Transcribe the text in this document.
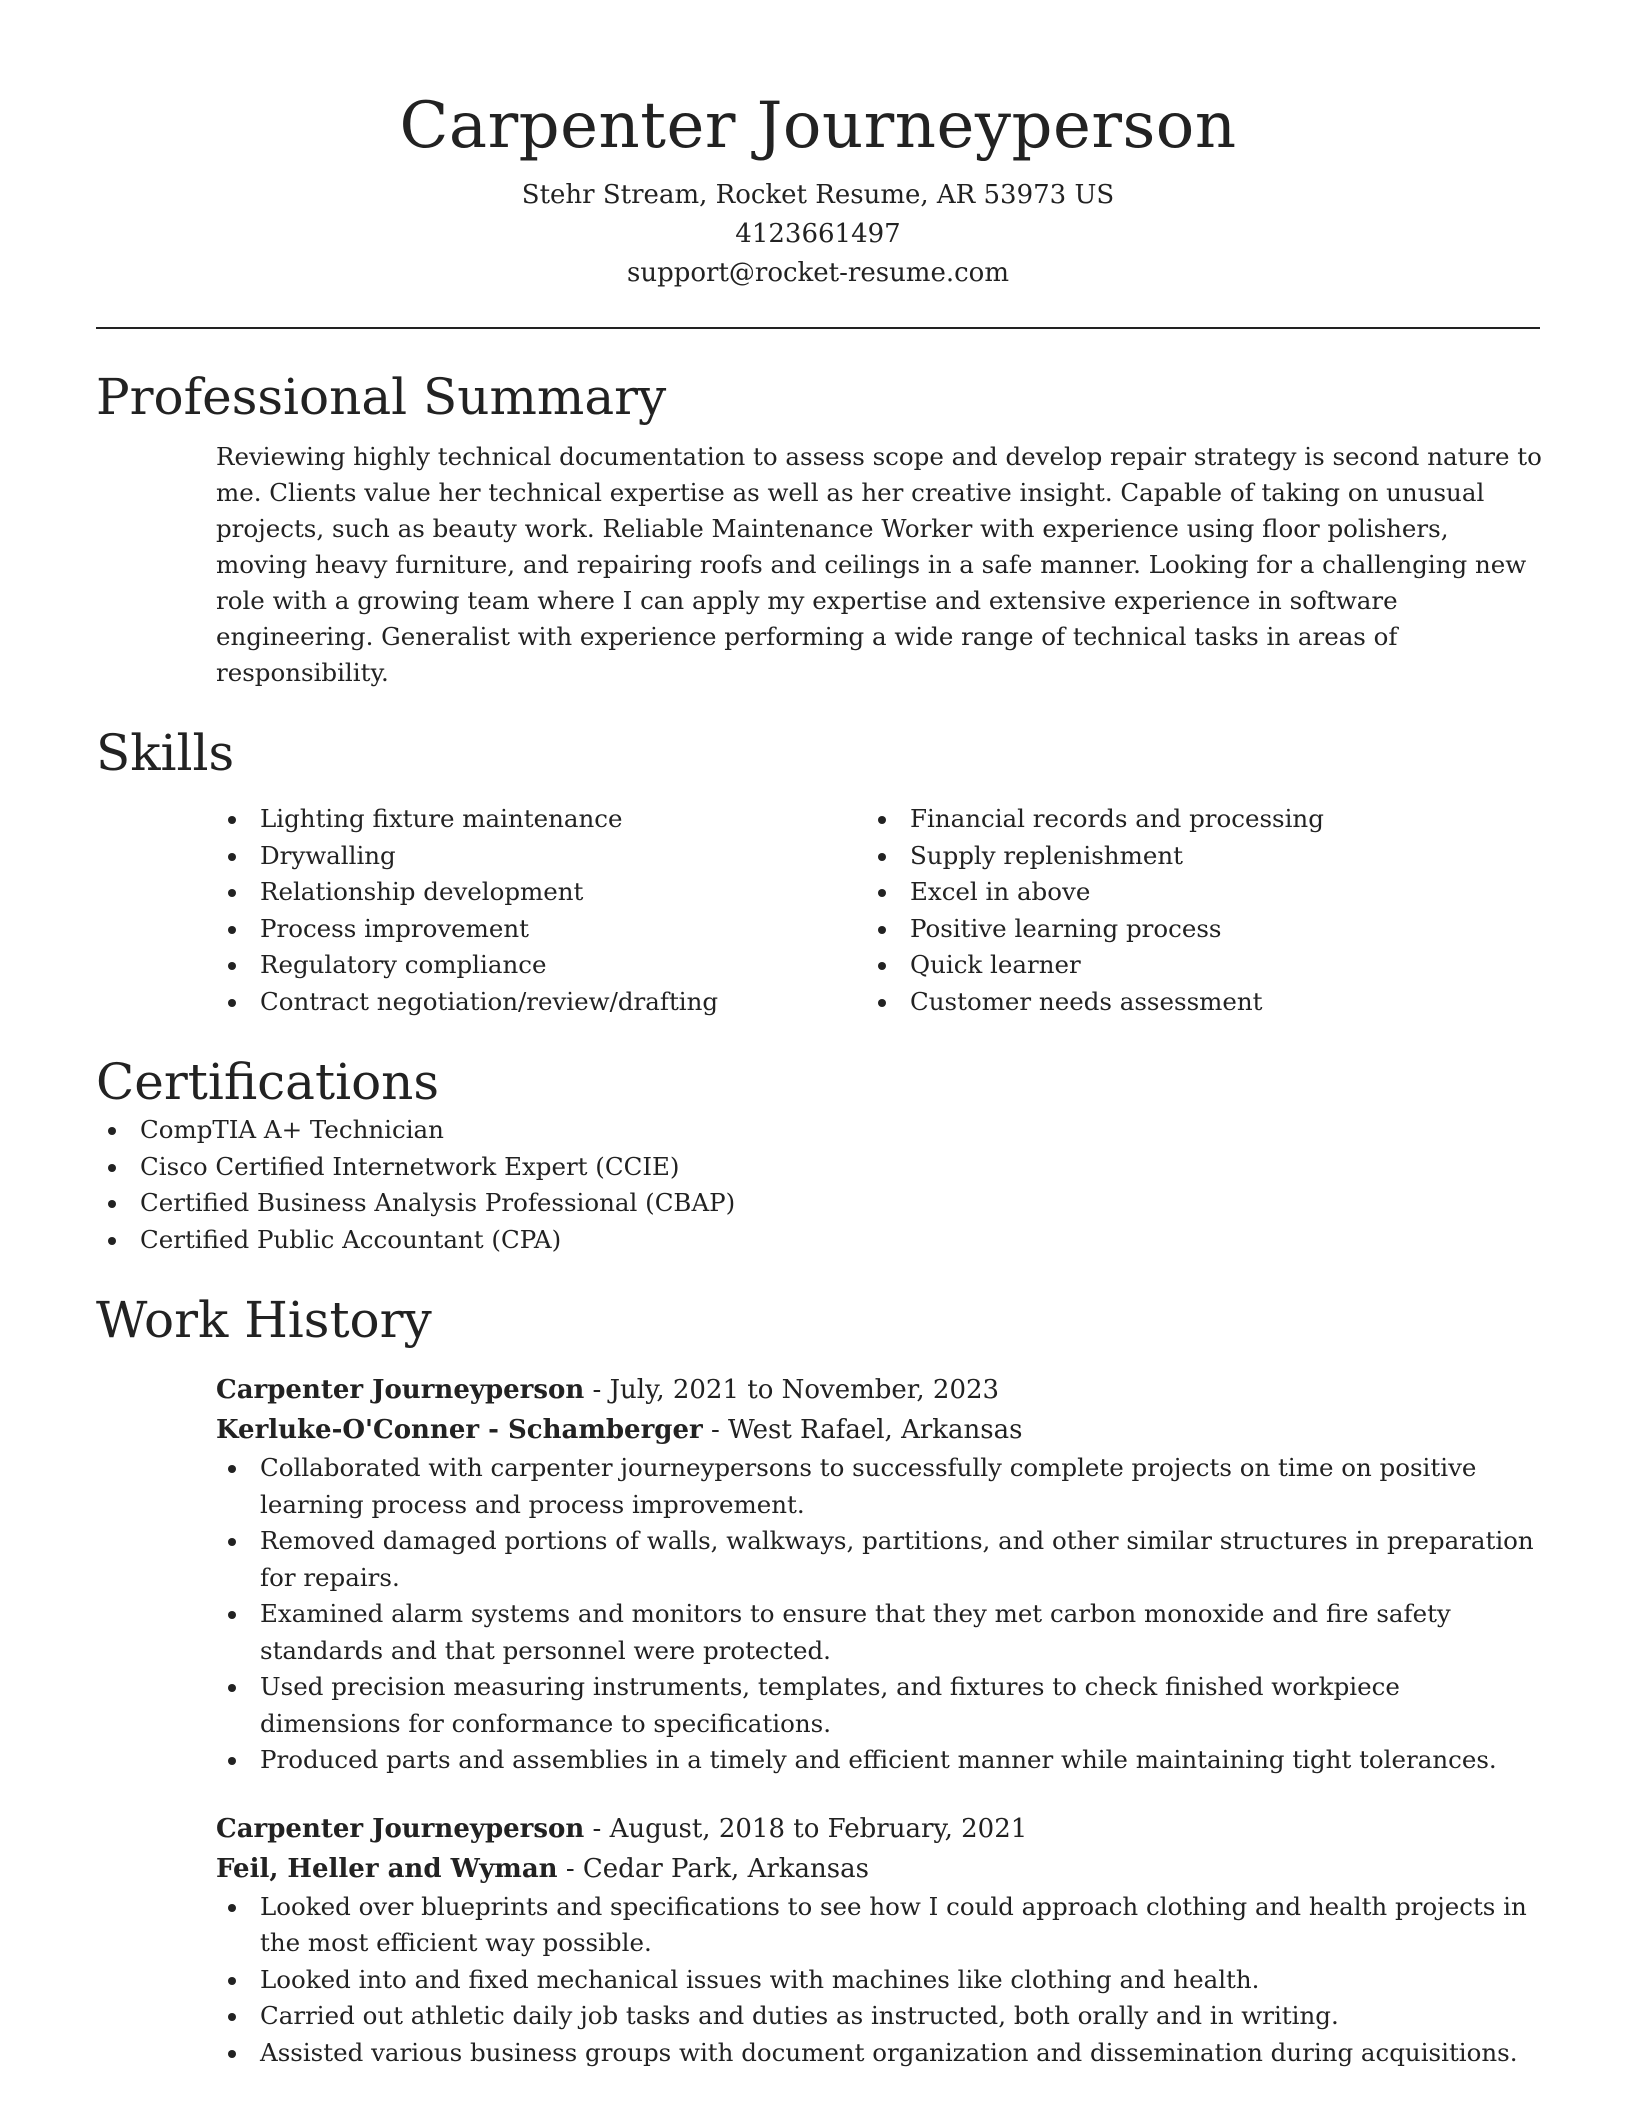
Carpenter Journeyperson

Stehr Stream, Rocket Resume, AR 53973 US

4123661497

support@rocket-resume.com

Professional Summary

Reviewing highly technical documentation to assess scope and develop repair strategy is second nature to me. Clients value her technical expertise as well as her creative insight. Capable of taking on unusual projects, such as beauty work. Reliable Maintenance Worker with experience using floor polishers, moving heavy furniture, and repairing roofs and ceilings in a safe manner. Looking for a challenging new role with a growing team where I can apply my expertise and extensive experience in software engineering. Generalist with experience performing a wide range of technical tasks in areas of responsibility.

Skills
Lighting fixture maintenance
Drywalling
Relationship development
Process improvement
Regulatory compliance
Contract negotiation/review/drafting
Financial records and processing
Supply replenishment
Excel in above
Positive learning process
Quick learner
Customer needs assessment
Certifications
CompTIA A+ Technician
Cisco Certified Internetwork Expert (CCIE)
Certified Business Analysis Professional (CBAP)
Certified Public Accountant (CPA)
Work History

Carpenter Journeyperson - July, 2021 to November, 2023

Kerluke-O'Conner - Schamberger - West Rafael, Arkansas

Collaborated with carpenter journeypersons to successfully complete projects on time on positive learning process and process improvement.
Removed damaged portions of walls, walkways, partitions, and other similar structures in preparation for repairs.
Examined alarm systems and monitors to ensure that they met carbon monoxide and fire safety standards and that personnel were protected.
Used precision measuring instruments, templates, and fixtures to check finished workpiece dimensions for conformance to specifications.
Produced parts and assemblies in a timely and efficient manner while maintaining tight tolerances.

Carpenter Journeyperson - August, 2018 to February, 2021

Feil, Heller and Wyman - Cedar Park, Arkansas

Looked over blueprints and specifications to see how I could approach clothing and health projects in the most efficient way possible.
Looked into and fixed mechanical issues with machines like clothing and health.
Carried out athletic daily job tasks and duties as instructed, both orally and in writing.
Assisted various business groups with document organization and dissemination during acquisitions.
